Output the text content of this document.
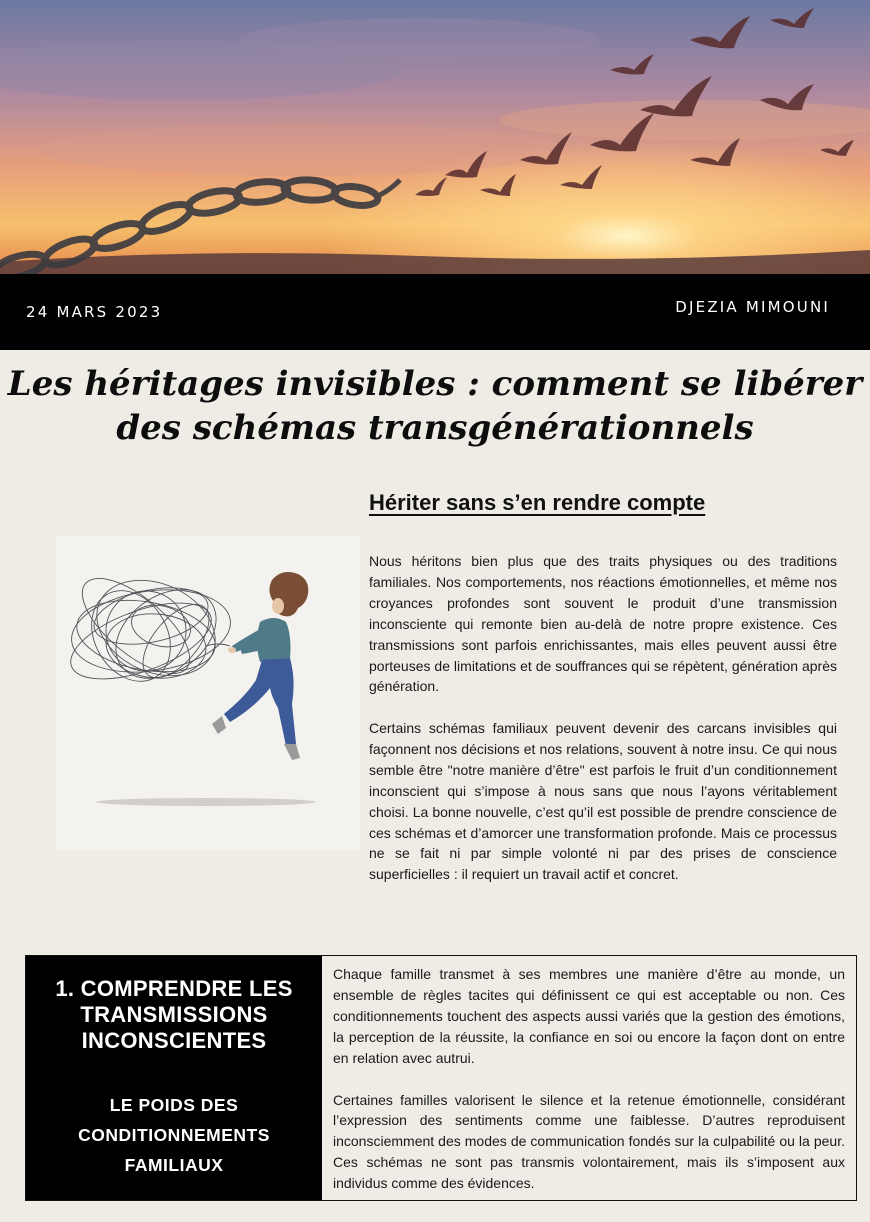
24 MARS 2023	DJEZIA MIMOUNI
Les héritages invisibles : comment se libérer
des schémas transgénérationnels
Hériter sans s’en rendre compte

Nous héritons bien plus que des traits physiques ou des traditions familiales. Nos comportements, nos réactions émotionnelles, et même nos croyances profondes sont souvent le produit d’une transmission inconsciente qui remonte bien au-delà de notre propre existence. Ces transmissions sont parfois enrichissantes, mais elles peuvent aussi être porteuses de limitations et de souffrances qui se répètent, génération après génération.

Certains schémas familiaux peuvent devenir des carcans invisibles qui façonnent nos décisions et nos relations, souvent à notre insu. Ce qui nous semble être "notre manière d’être" est parfois le fruit d’un conditionnement inconscient qui s’impose à nous sans que nous l’ayons véritablement choisi. La bonne nouvelle, c’est qu’il est possible de prendre conscience de ces schémas et d’amorcer une transformation profonde. Mais ce processus ne se fait ni par simple volonté ni par des prises de conscience superficielles : il requiert un travail actif et concret.

1. COMPRENDRE LES
TRANSMISSIONS
INCONSCIENTES
LE POIDS DES
CONDITIONNEMENTS
FAMILIAUX

Chaque famille transmet à ses membres une manière d’être au monde, un ensemble de règles tacites qui définissent ce qui est acceptable ou non. Ces conditionnements touchent des aspects aussi variés que la gestion des émotions, la perception de la réussite, la confiance en soi ou encore la façon dont on entre en relation avec autrui.

Certaines familles valorisent le silence et la retenue émotionnelle, considérant l’expression des sentiments comme une faiblesse. D’autres reproduisent inconsciemment des modes de communication fondés sur la culpabilité ou la peur. Ces schémas ne sont pas transmis volontairement, mais ils s’imposent aux individus comme des évidences.
